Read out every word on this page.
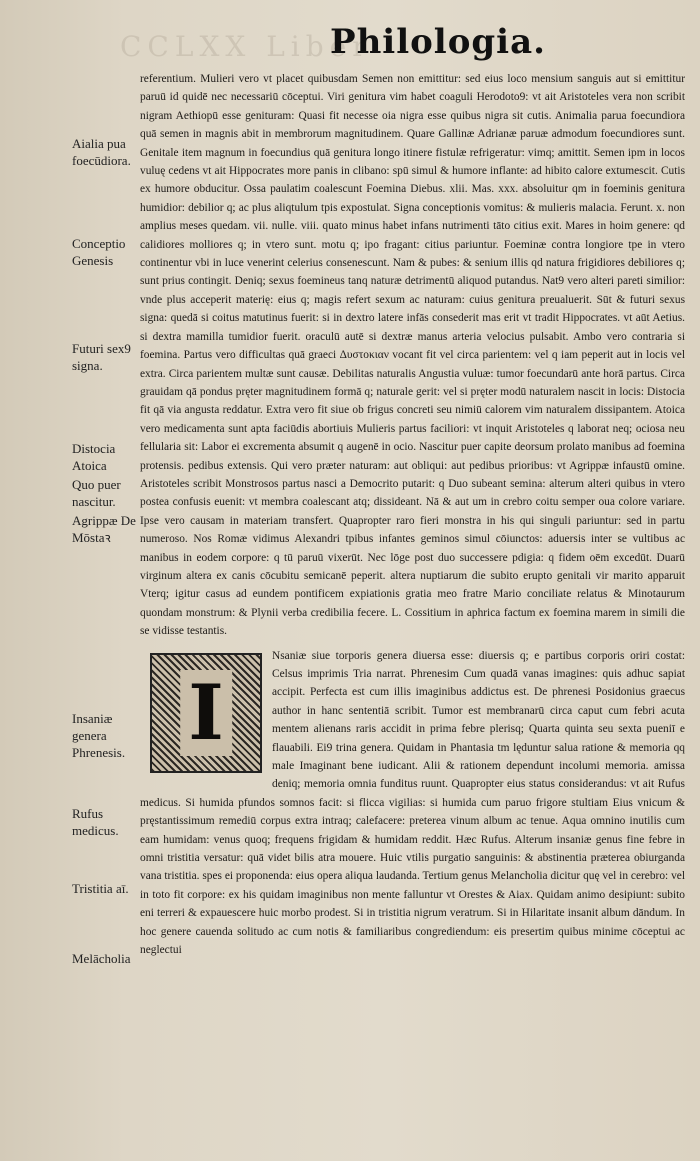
CCLXX Liber
Philologia.
Aialia pua foecūdiora.
Conceptio Genesis
Futuri sex9 signa.
Distocia Atoica
Quo puer nascitur.
Agrippæ De Mōstaꝛ
Insaniæ genera Phrenesis.
Rufus medicus.
Tristitia aī.
Melācholia

referentium. Mulieri vero vt placet quibusdam Semen non emittitur: sed eius loco mensium sanguis aut si emittitur paruū id quidē nec necessariū cōceptui. Viri genitura vim habet coaguli Herodoto9: vt ait Aristoteles vera non scribit nigram Aethiopū esse genituram: Quasi fit necesse oia nigra esse quibus nigra sit cutis. Animalia parua foecundiora quā semen in magnis abit in membrorum magnitudinem. Quare Gallinæ Adrianæ paruæ admodum foecundiores sunt. Genitale item magnum in foecundius quā genitura longo itinere fistulæ refrigeratur: vimq; amittit. Semen ipm in locos vuluę cedens vt ait Hippocrates more panis in clibano: spū simul & humore inflante: ad hibito calore extumescit. Cutis ex humore obducitur. Ossa paulatim coalescunt Foemina Diebus. xlii. Mas. xxx. absoluitur qm in foeminis genitura humidior: debilior q; ac plus aliqtulum tpis expostulat. Signa conceptionis vomitus: & mulieris malacia. Ferunt. x. non amplius meses quedam. vii. nulle. viii. quato minus habet infans nutrimenti tāto citius exit. Mares in hoim genere: qd calidiores molliores q; in vtero sunt. motu q; ipo fragant: citius pariuntur. Foeminæ contra longiore tpe in vtero continentur vbi in luce venerint celerius consenescunt. Nam & pubes: & senium illis qd natura frigidiores debiliores q; sunt prius contingit. Deniq; sexus foemineus tanq naturæ detrimentū aliquod putandus. Nat9 vero alteri pareti similior: vnde plus acceperit materię: eius q; magis refert sexum ac naturam: cuius genitura preualuerit. Sūt & futuri sexus signa: quedā si coitus matutinus fuerit: si in dextro latere infās consederit mas erit vt tradit Hippocrates. vt aūt Aetius. si dextra mamilla tumidior fuerit. oraculū autē si dextræ manus arteria velocius pulsabit. Ambo vero contraria si foemina. Partus vero difficultas quā graeci Δυστοκιαν vocant fit vel circa parientem: vel q iam peperit aut in locis vel extra. Circa parientem multæ sunt causæ. Debilitas naturalis Angustia vuluæ: tumor foecundarū ante horā partus. Circa grauidam qā pondus pręter magnitudinem formā q; naturale gerit: vel si pręter modū naturalem nascit in locis: Distocia fit qā via angusta reddatur. Extra vero fit siue ob frigus concreti seu nimiū calorem vim naturalem dissipantem. Atoica vero medicamenta sunt apta faciūdis abortiuis Mulieris partus faciliori: vt inquit Aristoteles q laborat neq; ociosa neu fellularia sit: Labor ei excrementa absumit q augenē in ocio. Nascitur puer capite deorsum prolato manibus ad foemina protensis. pedibus extensis. Qui vero præter naturam: aut obliqui: aut pedibus prioribus: vt Agrippæ infaustū omine. Aristoteles scribit Monstrosos partus nasci a Democrito putarit: q Duo subeant semina: alterum alteri quibus in vtero postea confusis euenit: vt membra coalescant atq; dissideant. Nā & aut um in crebro coitu semper oua colore variare. Ipse vero causam in materiam transfert. Quapropter raro fieri monstra in his qui singuli pariuntur: sed in partu numeroso. Nos Romæ vidimus Alexandri tpibus infantes geminos simul cōiunctos: aduersis inter se vultibus ac manibus in eodem corpore: q tū paruū vixerūt. Nec lōge post duo successere pdigia: q fidem oēm excedūt. Duarū virginum altera ex canis cōcubitu semicanē peperit. altera nuptiarum die subito erupto genitali vir marito apparuit Vterq; igitur casus ad eundem pontificem expiationis gratia meo fratre Mario conciliate relatus & Minotaurum quondam monstrum: & Plynii verba credibilia fecere. L. Cossitium in aphrica factum ex foemina marem in simili die se vidisse testantis.

I
Nsaniæ siue torporis genera diuersa esse: diuersis q; e partibus corporis oriri costat: Celsus imprimis Tria narrat. Phrenesim Cum quadā vanas imagines: quis adhuc sapiat accipit. Perfecta est cum illis imaginibus addictus est. De phrenesi Posidonius graecus author in hanc sententiā scribit. Tumor est membranarū circa caput cum febri acuta mentem alienans raris accidit in prima febre plerisq; Quarta quinta seu sexta pueniī e flauabili. Ei9 trina genera. Quidam in Phantasia tm lęduntur salua ratione & memoria qq male Imaginant bene iudicant. Alii & rationem dependunt incolumi memoria. amissa deniq; memoria omnia funditus ruunt. Quapropter eius status considerandus: vt ait Rufus medicus. Si humida pfundos somnos facit: si flicca vigilias: si humida cum paruo frigore stultiam Eius vnicum & pręstantissimum remediū corpus extra intraq; calefacere: preterea vinum album ac tenue. Aqua omnino inutilis cum eam humidam: venus quoq; frequens frigidam & humidam reddit. Hæc Rufus. Alterum insaniæ genus fine febre in omni tristitia versatur: quā videt bilis atra mouere. Huic vtilis purgatio sanguinis: & abstinentia præterea obiurganda vana tristitia. spes ei proponenda: eius opera aliqua laudanda. Tertium genus Melancholia dicitur quę vel in cerebro: vel in toto fit corpore: ex his quidam imaginibus non mente falluntur vt Orestes & Aiax. Quidam animo desipiunt: subito eni terreri & expauescere huic morbo prodest. Si in tristitia nigrum veratrum. Si in Hilaritate insanit album dāndum. In hoc genere cauenda solitudo ac cum notis & familiaribus congrediendum: eis presertim quibus minime cōceptui ac neglectui
